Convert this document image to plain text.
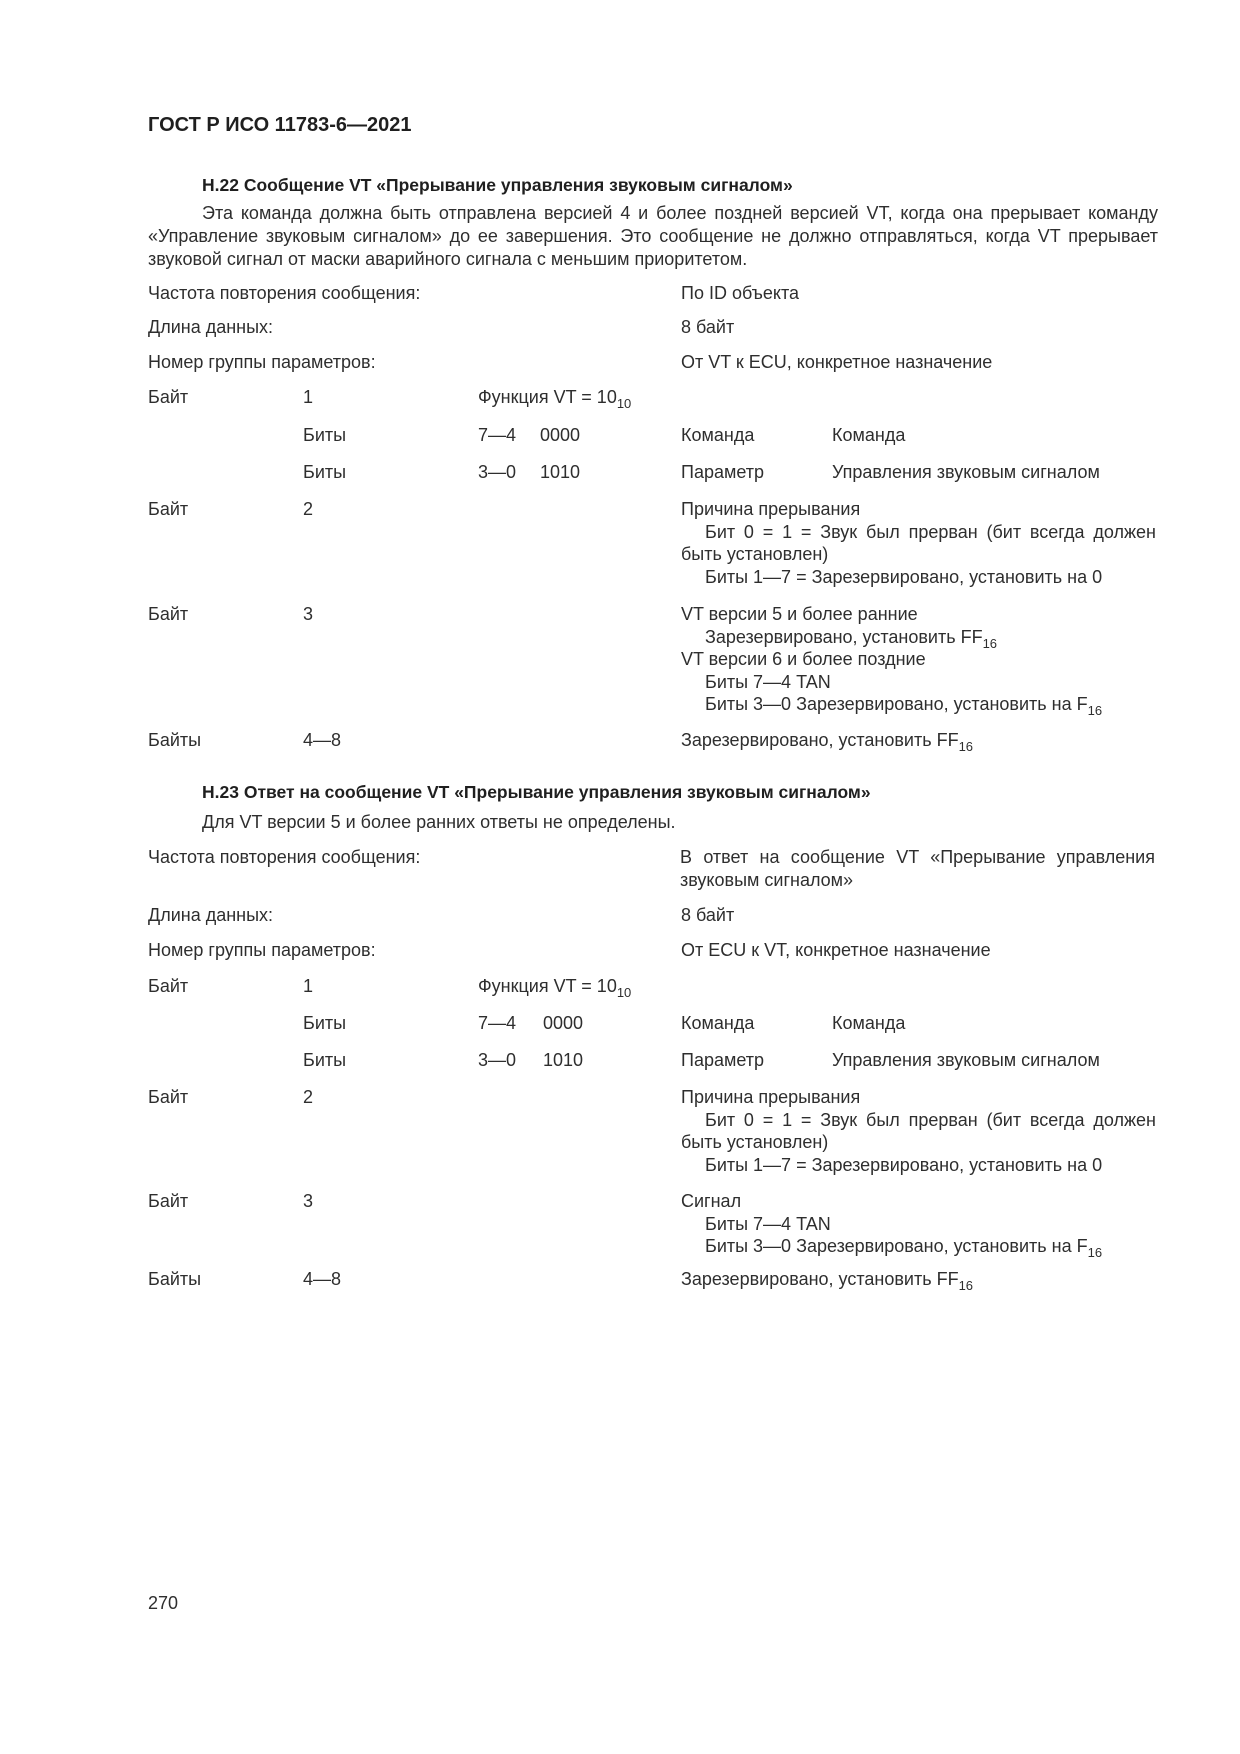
ГОСТ Р ИСО 11783-6—2021
H.22 Сообщение VT «Прерывание управления звуковым сигналом»
Эта команда должна быть отправлена версией 4 и более поздней версией VT, когда она прерывает команду «Управление звуковым сигналом» до ее завершения. Это сообщение не должно отправляться, когда VT прерывает звуковой сигнал от маски аварийного сигнала с меньшим приоритетом.
Частота повторения сообщения:	По ID объекта
Длина данных:	8 байт
Номер группы параметров:	От VT к ECU, конкретное назначение
Байт	1	Функция VT = $10_{10}$
Биты	7—4 0000	Команда	Команда
Биты	3—0 1010	Параметр	Управления звуковым сигналом
Байт	2	Причина прерывания
Бит 0 = 1 = Звук был прерван (бит всегда должен быть установлен)
Биты 1—7 = Зарезервировано, установить на 0
Байт	3	VT версии 5 и более ранние
Зарезервировано, установить $FF_{16}$
VT версии 6 и более поздние
Биты 7—4 TAN
Биты 3—0 Зарезервировано, установить на $F_{16}$
Байты	4—8	Зарезервировано, установить $FF_{16}$
H.23 Ответ на сообщение VT «Прерывание управления звуковым сигналом»
Для VT версии 5 и более ранних ответы не определены.
Частота повторения сообщения:	В ответ на сообщение VT «Прерывание управления звуковым сигналом»
Длина данных:	8 байт
Номер группы параметров:	От ECU к VT, конкретное назначение
Байт	1	Функция VT = $10_{10}$
Биты	7—4 0000	Команда	Команда
Биты	3—0 1010	Параметр	Управления звуковым сигналом
Байт	2	Причина прерывания
Бит 0 = 1 = Звук был прерван (бит всегда должен быть установлен)
Биты 1—7 = Зарезервировано, установить на 0
Байт	3	Сигнал
Биты 7—4 TAN
Биты 3—0 Зарезервировано, установить на $F_{16}$
Байты	4—8	Зарезервировано, установить $FF_{16}$
270
